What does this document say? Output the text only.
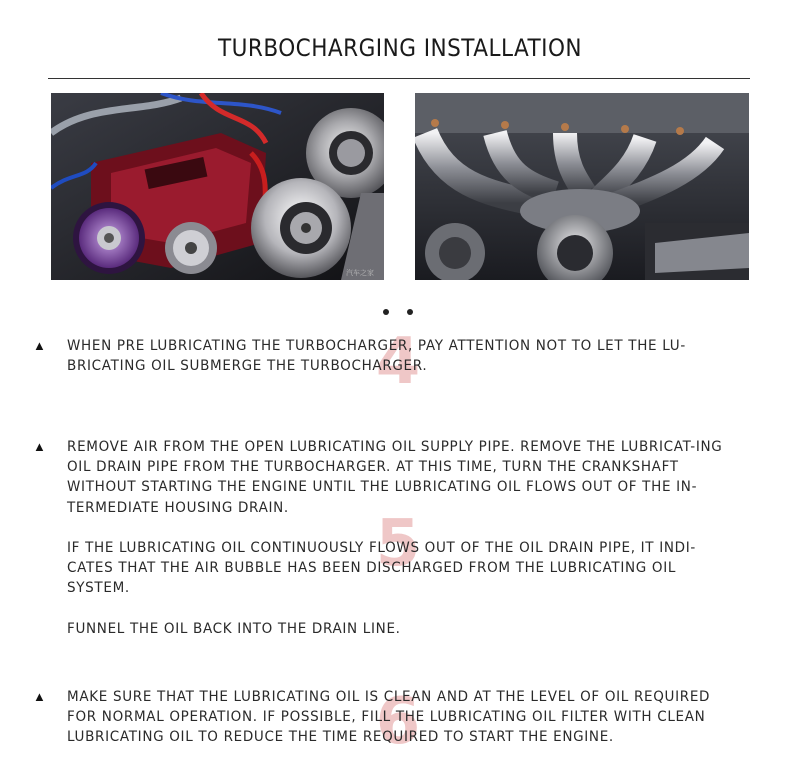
TURBOCHARGING INSTALLATION
汽车之家
4
▲ WHEN PRE LUBRICATING THE TURBOCHARGER, PAY ATTENTION NOT TO LET THE LU-BRICATING OIL SUBMERGE THE TURBOCHARGER.

5
▲ REMOVE AIR FROM THE OPEN LUBRICATING OIL SUPPLY PIPE. REMOVE THE LUBRICAT-ING OIL DRAIN PIPE FROM THE TURBOCHARGER. AT THIS TIME, TURN THE CRANKSHAFT WITHOUT STARTING THE ENGINE UNTIL THE LUBRICATING OIL FLOWS OUT OF THE IN-TERMEDIATE HOUSING DRAIN.

IF THE LUBRICATING OIL CONTINUOUSLY FLOWS OUT OF THE OIL DRAIN PIPE, IT INDI-CATES THAT THE AIR BUBBLE HAS BEEN DISCHARGED FROM THE LUBRICATING OIL SYSTEM.

FUNNEL THE OIL BACK INTO THE DRAIN LINE.

6
▲ MAKE SURE THAT THE LUBRICATING OIL IS CLEAN AND AT THE LEVEL OF OIL REQUIRED FOR NORMAL OPERATION. IF POSSIBLE, FILL THE LUBRICATING OIL FILTER WITH CLEAN LUBRICATING OIL TO REDUCE THE TIME REQUIRED TO START THE ENGINE.
